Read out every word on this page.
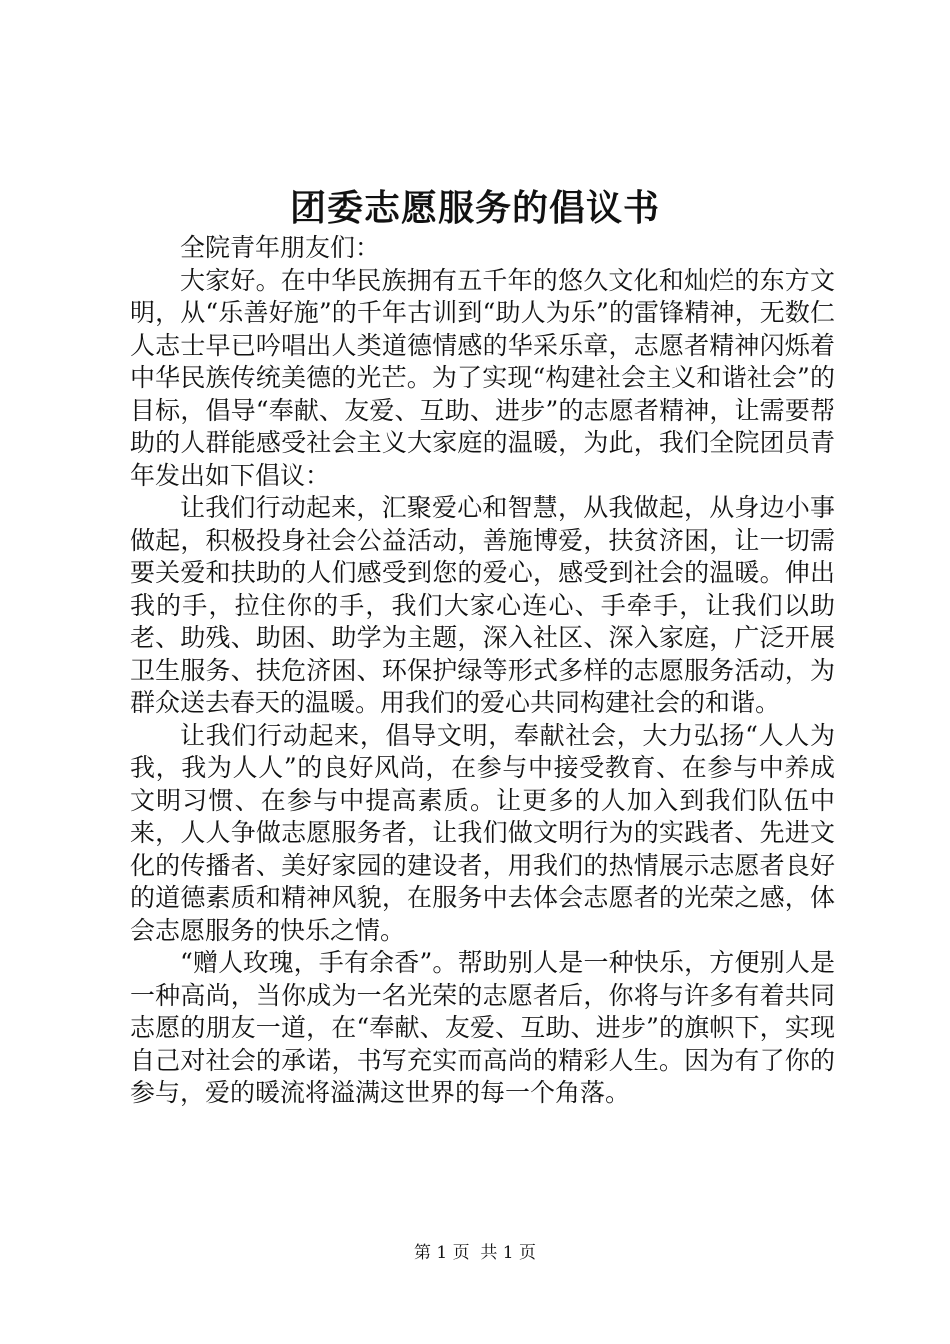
团委志愿服务的倡议书

全院青年朋友们：

大家好。在中华民族拥有五千年的悠久文化和灿烂的东方文明，从“乐善好施”的千年古训到“助人为乐”的雷锋精神，无数仁人志士早已吟唱出人类道德情感的华采乐章，志愿者精神闪烁着中华民族传统美德的光芒。为了实现“构建社会主义和谐社会”的目标，倡导“奉献、友爱、互助、进步”的志愿者精神，让需要帮助的人群能感受社会主义大家庭的温暖，为此，我们全院团员青年发出如下倡议：

让我们行动起来，汇聚爱心和智慧，从我做起，从身边小事做起，积极投身社会公益活动，善施博爱，扶贫济困，让一切需要关爱和扶助的人们感受到您的爱心，感受到社会的温暖。伸出我的手，拉住你的手，我们大家心连心、手牵手，让我们以助老、助残、助困、助学为主题，深入社区、深入家庭，广泛开展卫生服务、扶危济困、环保护绿等形式多样的志愿服务活动，为群众送去春天的温暖。用我们的爱心共同构建社会的和谐。

让我们行动起来，倡导文明，奉献社会，大力弘扬“人人为我，我为人人”的良好风尚，在参与中接受教育、在参与中养成文明习惯、在参与中提高素质。让更多的人加入到我们队伍中来，人人争做志愿服务者，让我们做文明行为的实践者、先进文化的传播者、美好家园的建设者，用我们的热情展示志愿者良好的道德素质和精神风貌，在服务中去体会志愿者的光荣之感，体会志愿服务的快乐之情。

“赠人玫瑰，手有余香”。帮助别人是一种快乐，方便别人是一种高尚，当你成为一名光荣的志愿者后，你将与许多有着共同志愿的朋友一道，在“奉献、友爱、互助、进步”的旗帜下，实现自己对社会的承诺，书写充实而高尚的精彩人生。因为有了你的参与，爱的暖流将溢满这世界的每一个角落。

第 1 页  共 1 页
